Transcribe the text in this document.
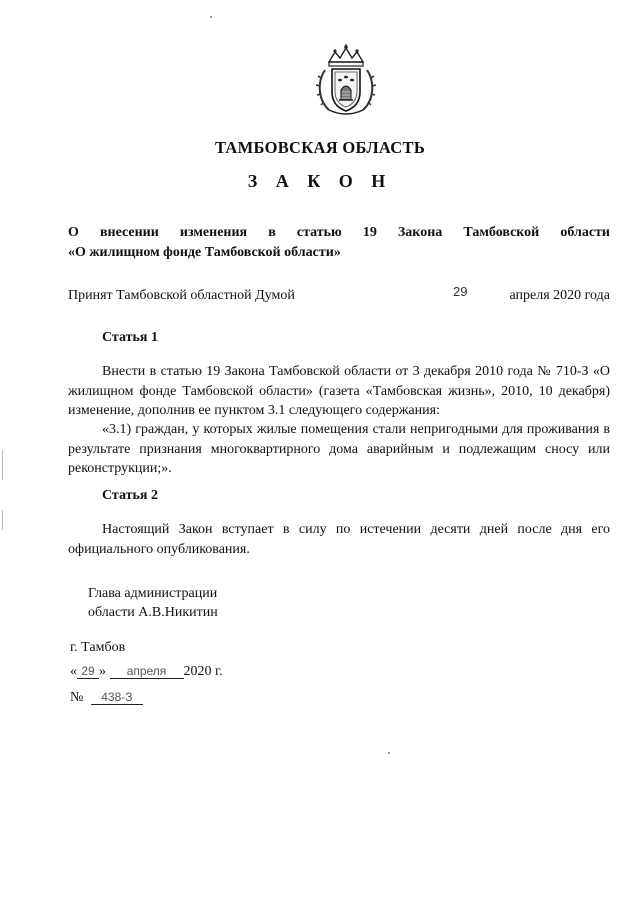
ТАМБОВСКАЯ ОБЛАСТЬ
З А К О Н
О внесении изменения в статью 19 Закона Тамбовской области
«О жилищном фонде Тамбовской области»
Принят Тамбовской областной Думой	29	апреля 2020 года
Статья 1

Внести в статью 19 Закона Тамбовской области от 3 декабря 2010 года № 710-З «О жилищном фонде Тамбовской области» (газета «Тамбовская жизнь», 2010, 10 декабря) изменение, дополнив ее пунктом 3.1 следующего содержания:

«3.1) граждан, у которых жилые помещения стали непригодными для проживания в результате признания многоквартирного дома аварийным и подлежащим сносу или реконструкции;».

Статья 2

Настоящий Закон вступает в силу по истечении десяти дней после дня его официального опубликования.

Глава администрации
области А.В.Никитин
г. Тамбов
« 29 » апреля 2020 г.
№ 438-З
